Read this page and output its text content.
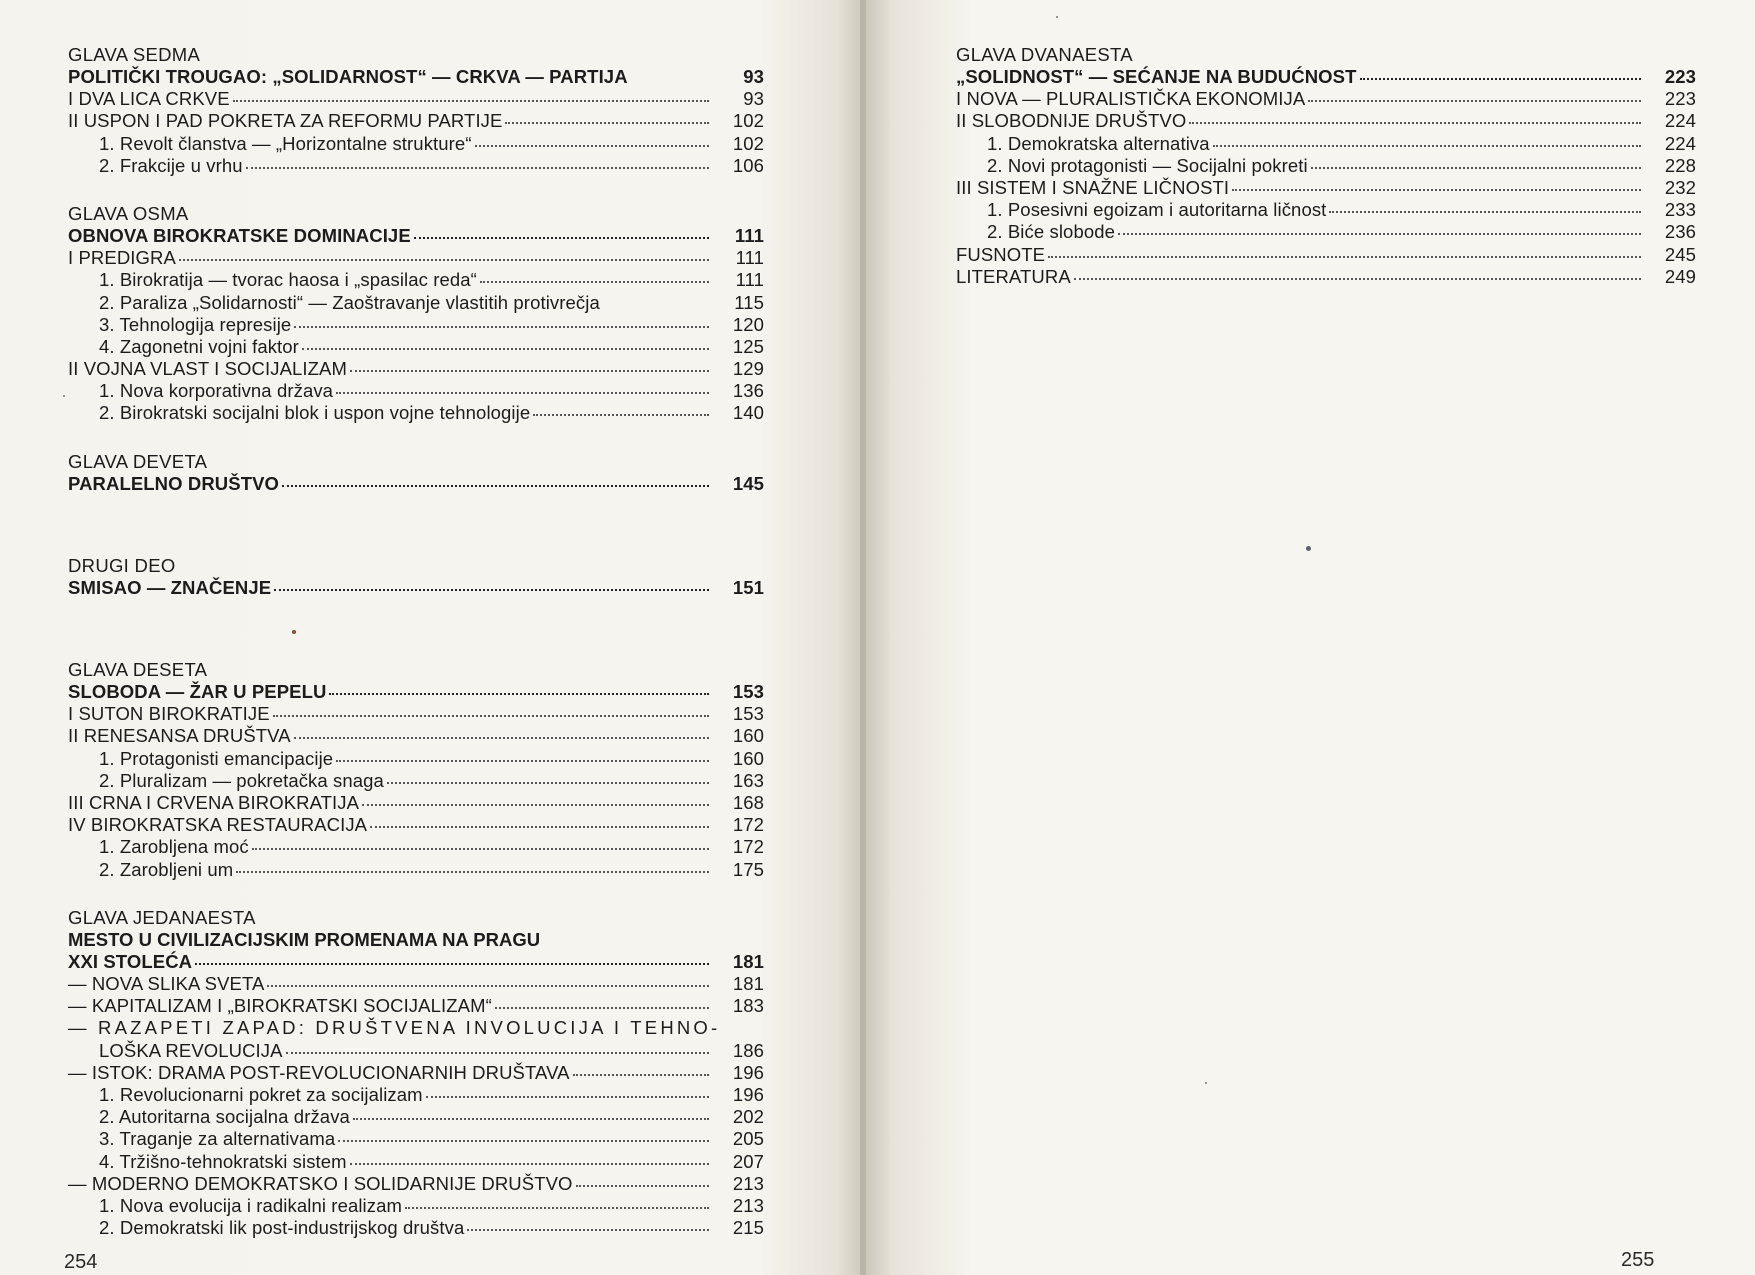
GLAVA SEDMA
POLITIČKI TROUGAO: „SOLIDARNOST“ — CRKVA — PARTIJA	93
I DVA LICA CRKVE	93
II USPON I PAD POKRETA ZA REFORMU PARTIJE	102
1. Revolt članstva — „Horizontalne strukture“	102
2. Frakcije u vrhu	106
GLAVA OSMA
OBNOVA BIROKRATSKE DOMINACIJE	111
I PREDIGRA	111
1. Birokratija — tvorac haosa i „spasilac reda“	111
2. Paraliza „Solidarnosti“ — Zaoštravanje vlastitih protivrečja	115
3. Tehnologija represije	120
4. Zagonetni vojni faktor	125
II VOJNA VLAST I SOCIJALIZAM	129
1. Nova korporativna država	136
2. Birokratski socijalni blok i uspon vojne tehnologije	140
GLAVA DEVETA
PARALELNO DRUŠTVO	145
DRUGI DEO
SMISAO — ZNAČENJE	151
GLAVA DESETA
SLOBODA — ŽAR U PEPELU	153
I SUTON BIROKRATIJE	153
II RENESANSA DRUŠTVA	160
1. Protagonisti emancipacije	160
2. Pluralizam — pokretačka snaga	163
III CRNA I CRVENA BIROKRATIJA	168
IV BIROKRATSKA RESTAURACIJA	172
1. Zarobljena moć	172
2. Zarobljeni um	175
GLAVA JEDANAESTA
MESTO U CIVILIZACIJSKIM PROMENAMA NA PRAGU
XXI STOLEĆA	181
— NOVA SLIKA SVETA	181
— KAPITALIZAM I „BIROKRATSKI SOCIJALIZAM“	183
— RAZAPETI ZAPAD: DRUŠTVENA INVOLUCIJA I TEHNO-
LOŠKA REVOLUCIJA	186
— ISTOK: DRAMA POST-REVOLUCIONARNIH DRUŠTAVA	196
1. Revolucionarni pokret za socijalizam	196
2. Autoritarna socijalna država	202
3. Traganje za alternativama	205
4. Tržišno-tehnokratski sistem	207
— MODERNO DEMOKRATSKO I SOLIDARNIJE DRUŠTVO	213
1. Nova evolucija i radikalni realizam	213
2. Demokratski lik post-industrijskog društva	215
254
GLAVA DVANAESTA
„SOLIDNOST“ — SEĆANJE NA BUDUĆNOST	223
I NOVA — PLURALISTIČKA EKONOMIJA	223
II SLOBODNIJE DRUŠTVO	224
1. Demokratska alternativa	224
2. Novi protagonisti — Socijalni pokreti	228
III SISTEM I SNAŽNE LIČNOSTI	232
1. Posesivni egoizam i autoritarna ličnost	233
2. Biće slobode	236
FUSNOTE	245
LITERATURA	249
255
